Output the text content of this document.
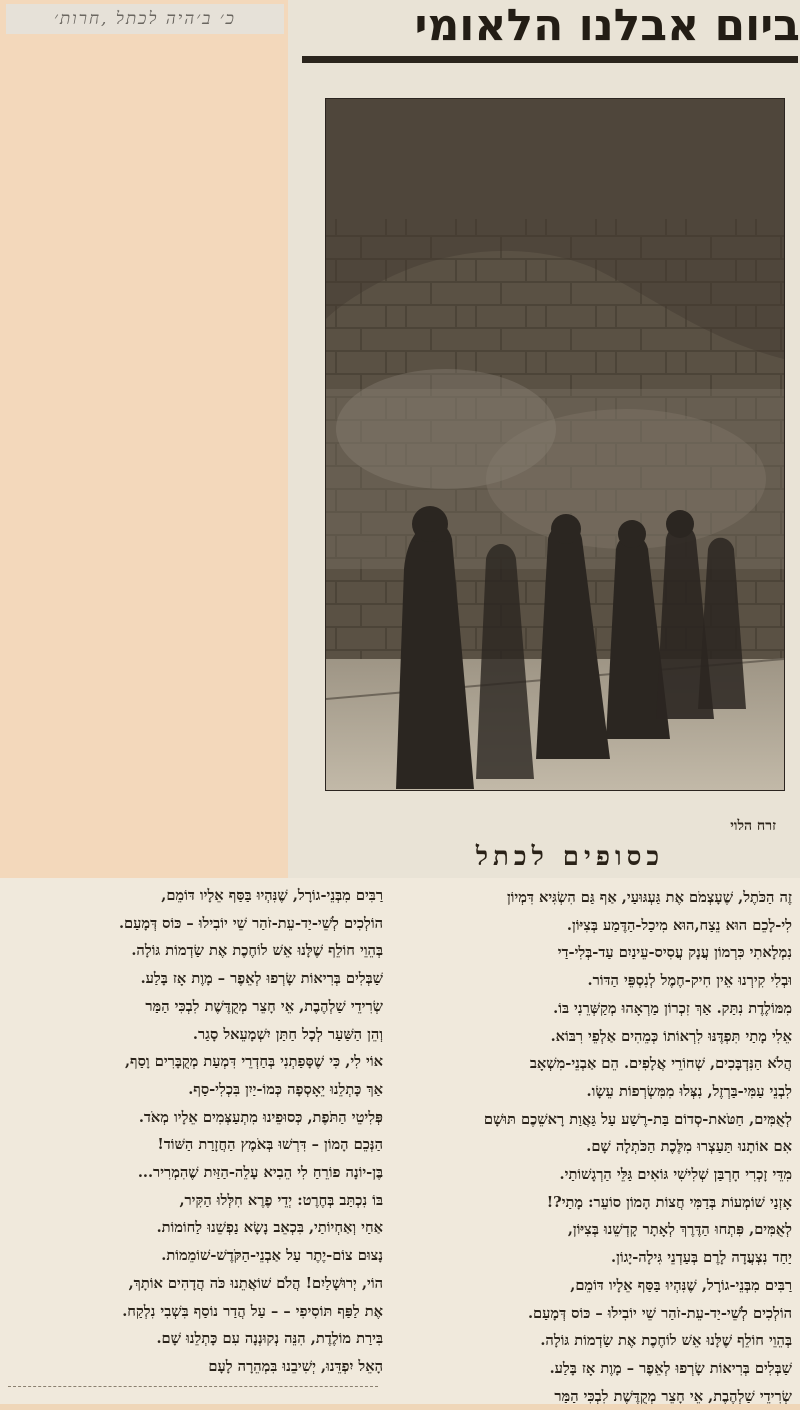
כ׳ ב׳היה לכתל ,חרות׳	ביום אבלנו הלאומי
זרח הלוי
כסופים לכתל
זֶה הַכֹּתֶל, שֶׁעָצְמֹם אֶת גַּעְגּוּעַי, אַף גַּם הִשְׂגִּיא דִּמְיוֹן
לִי-לָכֵם הוּא נֵצַח,הוּא מִיכַל-הַדֶּמַע בְּצִיּוֹן.
נִמְלָאתִי כִּרְמוֹן עֲנָק עֲסִיס-עֵינַיִם עַד-בְּלִי-דַי
וּבְלִי קִירְנוּ אֵין חִיק-חֶמֶל לְנִסְפֵּי הַדּוֹר.
מִמּוֹלֶדֶת נִתַּק. אַךְ זִכְרוֹן מַרְאָהוּ מְקַשְּׁרֵנִי בּוֹ.
אֵלִי מָתַי תִּפְדֶּנּוּ לִרְאוֹתוֹ כְּמֵהִים אַלְפֵי רִבּוֹא.
הֲלֹא הַנִּדְבָּכִים, שְׁחוֹרֵי אֲלָפִים. הֵם אַבְנֵי-מִשְׁאָב
לִבְנֵי עַמִּי-בַּרְזֶל, נִצְּלוּ מִמִּשְׂרְפוֹת עֵשָׂו.
לְאֻמִּים, חַטֹּאת-סְדוֹם בַּת-רֶשַׁע עַל גַּאֲוַת רָאשֵׁכֶם תּוּשָׁם
אִם אוֹתָנוּ תַּעַצְרוּ מִלֶּכֶת הַכֹּתְלָה שָׁם.
מִדֵּי זָכְרִי חָרְבַּן שְׁלִישִׁי גּוֹאִים גַּלֵּי הַרְגָשׁוֹתַי.
אָזְנַי שׁוֹמְעוֹת בְּדַמִּי חֲצוֹת הָמוֹן סוֹעֵר: מָתַי?!
לְאֻמִּים, פִּתְחוּ הַדֶּרֶךְ לְאָתָר קָדְשֵׁנוּ בְּצִיּוֹן,
יַחַד נִצְעֲדָה לָרֶם בְּעַדְנֵי גִּילָה-יָגוֹן.
רַבִּים מִבְּנֵי-גוֹרָל, שֶׁנִּהְיוּ בַּסַּף אֵלָיו דּוֹמֵם,
הוֹלְכִים לְשֵׁי-יַד-עֵת-זֹהַר שֵׁי יוֹבִילוּ – כּוֹס דְּמָעַם.
בְּהֵוֵי חוֹלֵף שֶׁלָּנוּ אֵשׁ לוֹחֶכֶת אֶת שַׂדְמוֹת גּוֹלָה.
שַׁבְּלִים בְּרִיאוֹת שָׂרְפוּ לְאֵפֶר – מָוֶת אָז בָּלַע.
שְׂרִידֵי שַׁלְהֶבֶת, אֵי חָצֵר מְקֻדֶּשֶׁת לִבְכִּי הַמַּר
רַבִּים מִבְּנֵי-גוֹרָל, שֶׁנִּהְיוּ בַּסַּף אֵלָיו דּוֹמֵם,
הוֹלְכִים לְשֵׁי-יַד-עֵת-זֹהַר שֵׁי יוֹבִילוּ – כּוֹס דְּמָעַם.
בְּהֵוֵי חוֹלֵף שֶׁלָּנוּ אֵשׁ לוֹחֶכֶת אֶת שַׂדְמוֹת גּוֹלָה.
שַׁבְּלִים בְּרִיאוֹת שָׂרְפוּ לְאֵפֶר – מָוֶת אָז בָּלַע.
שְׂרִידֵי שַׁלְהֶבֶת, אֵי חָצֵר מְקֻדֶּשֶׁת לִבְכִּי הַמַּר
וְהֵן הַשַּׁעַר לְכָל חַתַּן יִשְׁמָעֵאל סָגַר.
אוֹי לִי, כִּי שֶׁסָּפַתְנִי בְּחַדְרֵי דִּמְעַת מְקֻבָּרִים וָסַף,
אַךְ כָּתְלֵנוּ יֵאָסְפָה כְּמוֹ-יַיִן בִּכְלִי-סַף.
פְּלִיטֵי הַתֹּפֶת, כְּסוּפֵינוּ מִתְעַצְּמִים אֵלָיו מְאֹד.
הַנְּכֵם הָמוֹן – דִּרְשׁוּ בְּאֹמֶץ הַחֲזָרַת הַשּׁוֹד!
בֶּן-יוֹנָה פוֹרֵחַ לִי הֵבִיא עָלֵה-הַזַּיִת שֶׁהִמְרִיר...
בּוֹ נִכְתַּב בְּחֶרֶט: יְדֵי פֶרֶא חִלְּלוּ הַקִּיר,
אַחַי וְאַחְיוֹתַי, בִּכְאֵב נָשָׂא נַפְשֵׁנוּ לַחוֹמוֹת.
נָצוּם צוֹם-יֶתֶר עַל אַבְנֵי-הַקֹּדֶשׁ-שׁוֹמֵמוֹת.
הוֹי, יְרוּשָׁלַיִם! הֲלֹם שׁוֹאֲתֵנוּ כֹּה הֲדָהִים אוֹתָךְ,
אֶת לַפַּף תּוֹסִיפִי – – עַל הֲדַר נוֹסַף בִּשְׁבִי נִלְקַח.
בִּירַת מוֹלֶדֶת, הִנֵּה נְקוּנְנָה עִם כָּתְלֵנוּ שָׁם.
הָאֵל יִפְדֵּנוּ, יְשִׁיבֵנוּ בִּמְהֵרָה לָעָם
